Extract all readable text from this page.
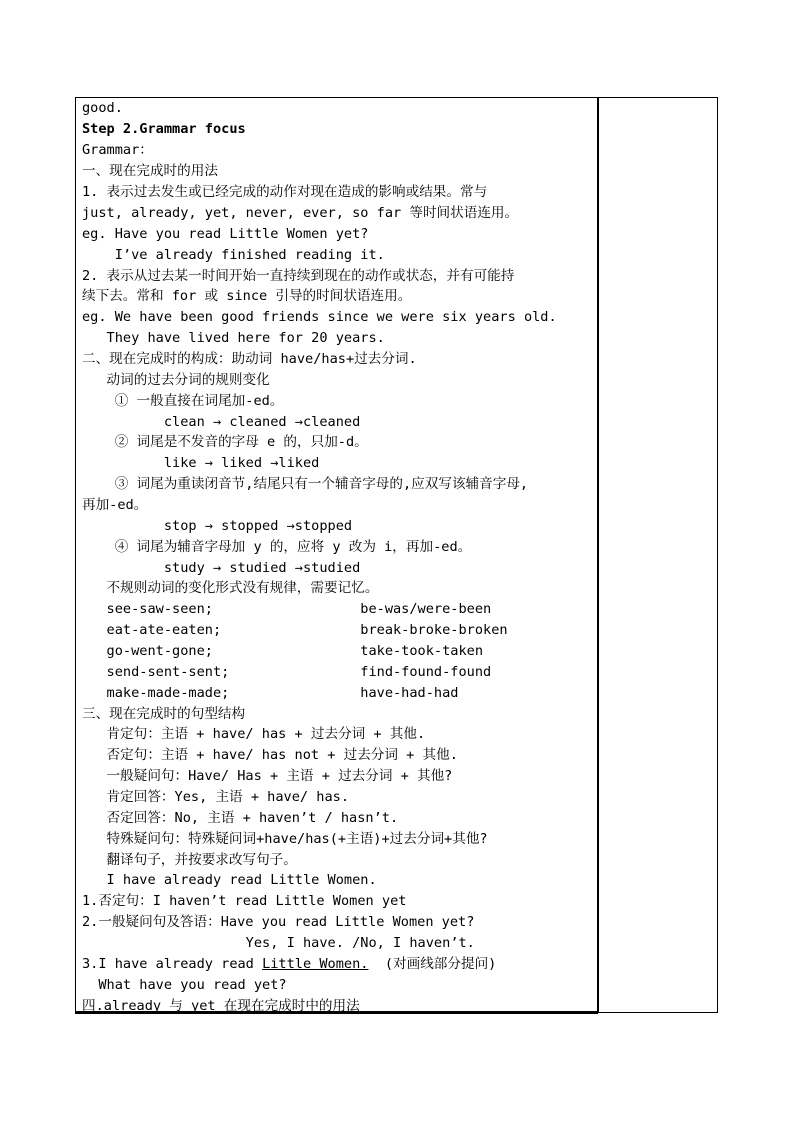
good.
Step 2.Grammar focus
Grammar：
一、现在完成时的用法
1. 表示过去发生或已经完成的动作对现在造成的影响或结果。常与
just, already, yet, never, ever, so far 等时间状语连用。
eg. Have you read Little Women yet?
I’ve already finished reading it.
2. 表示从过去某一时间开始一直持续到现在的动作或状态，并有可能持
续下去。常和 for 或 since 引导的时间状语连用。
eg. We have been good friends since we were six years old.
They have lived here for 20 years.
二、现在完成时的构成：助动词 have/has+过去分词.
动词的过去分词的规则变化
① 一般直接在词尾加-ed。
clean → cleaned →cleaned
② 词尾是不发音的字母 e 的，只加-d。
like → liked →liked
③ 词尾为重读闭音节,结尾只有一个辅音字母的,应双写该辅音字母,
再加-ed。
stop → stopped →stopped
④ 词尾为辅音字母加 y 的，应将 y 改为 i，再加-ed。
study → studied →studied
不规则动词的变化形式没有规律，需要记忆。
see-saw-seen;                  be-was/were-been
eat-ate-eaten;                 break-broke-broken
go-went-gone;                  take-took-taken
send-sent-sent;                find-found-found
make-made-made;                have-had-had
三、现在完成时的句型结构
肯定句：主语 + have/ has + 过去分词 + 其他.
否定句：主语 + have/ has not + 过去分词 + 其他.
一般疑问句：Have/ Has + 主语 + 过去分词 + 其他?
肯定回答：Yes, 主语 + have/ has.
否定回答：No, 主语 + haven’t / hasn’t.
特殊疑问句：特殊疑问词+have/has(+主语)+过去分词+其他?
翻译句子，并按要求改写句子。
I have already read Little Women.
1.否定句：I haven’t read Little Women yet
2.一般疑问句及答语：Have you read Little Women yet?
Yes, I have. /No, I haven’t.
3.I have already read Little Women.  (对画线部分提问)
What have you read yet?
四.already 与 yet 在现在完成时中的用法
